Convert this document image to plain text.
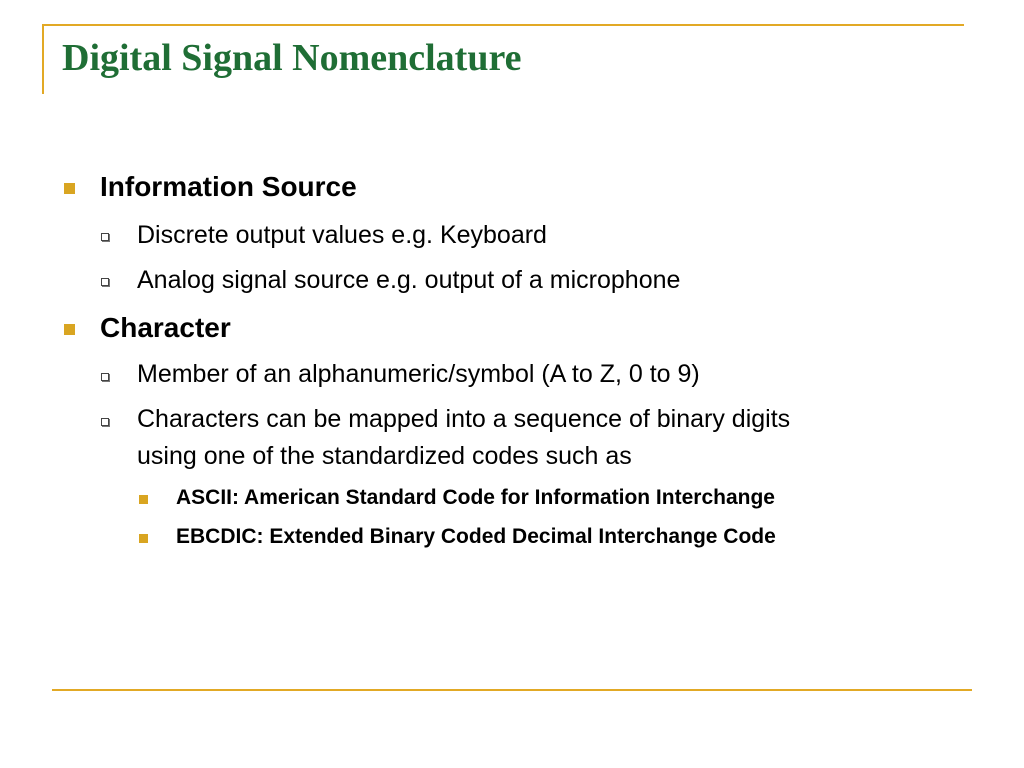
Digital Signal Nomenclature
Information Source
Discrete output values e.g. Keyboard
Analog signal source e.g. output of a microphone
Character
Member of an alphanumeric/symbol (A to Z, 0 to 9)
Characters can be mapped into a sequence of binary digits
using one of the standardized codes such as
ASCII: American Standard Code for Information Interchange
EBCDIC: Extended Binary Coded Decimal Interchange Code
